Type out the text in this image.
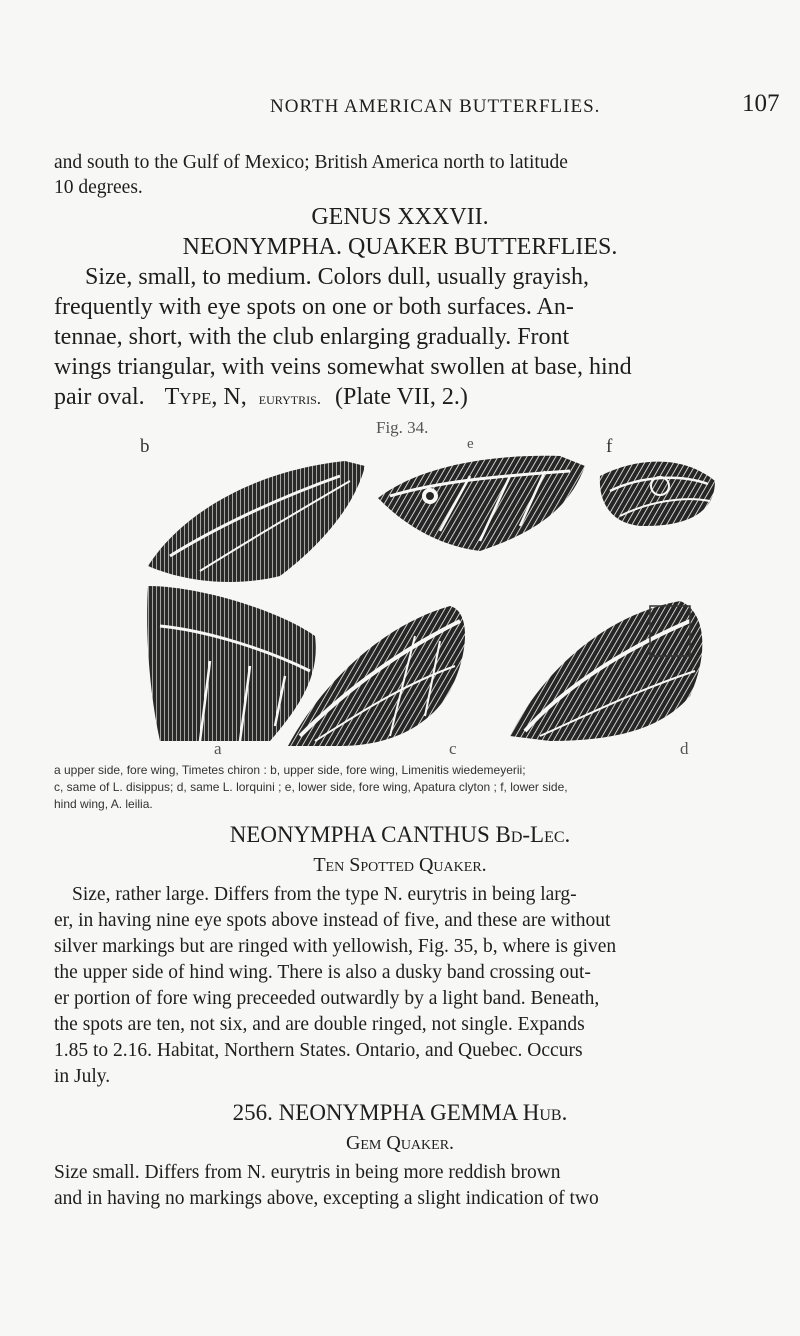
NORTH AMERICAN BUTTERFLIES.	107
and south to the Gulf of Mexico; British America north to latitude
10 degrees.
GENUS XXXVII.
NEONYMPHA. QUAKER BUTTERFLIES.
Size, small, to medium. Colors dull, usually grayish,
frequently with eye spots on one or both surfaces. An-
tennae, short, with the club enlarging gradually. Front
wings triangular, with veins somewhat swollen at base, hind
pair oval. Type, N, eurytris. (Plate VII, 2.)
Fig. 34.
b	e	f
a	c	d
a upper side, fore wing, Timetes chiron : b, upper side, fore wing, Limenitis wiedemeyerii;
c, same of L. disippus; d, same L. lorquini ; e, lower side, fore wing, Apatura clyton ; f, lower side,
hind wing, A. leilia.
NEONYMPHA CANTHUS Bd-Lec.
Ten Spotted Quaker.
Size, rather large. Differs from the type N. eurytris in being larg-
er, in having nine eye spots above instead of five, and these are without
silver markings but are ringed with yellowish, Fig. 35, b, where is given
the upper side of hind wing. There is also a dusky band crossing out-
er portion of fore wing preceeded outwardly by a light band. Beneath,
the spots are ten, not six, and are double ringed, not single. Expands
1.85 to 2.16. Habitat, Northern States. Ontario, and Quebec. Occurs
in July.
256. NEONYMPHA GEMMA Hub.
Gem Quaker.
Size small. Differs from N. eurytris in being more reddish brown
and in having no markings above, excepting a slight indication of two
